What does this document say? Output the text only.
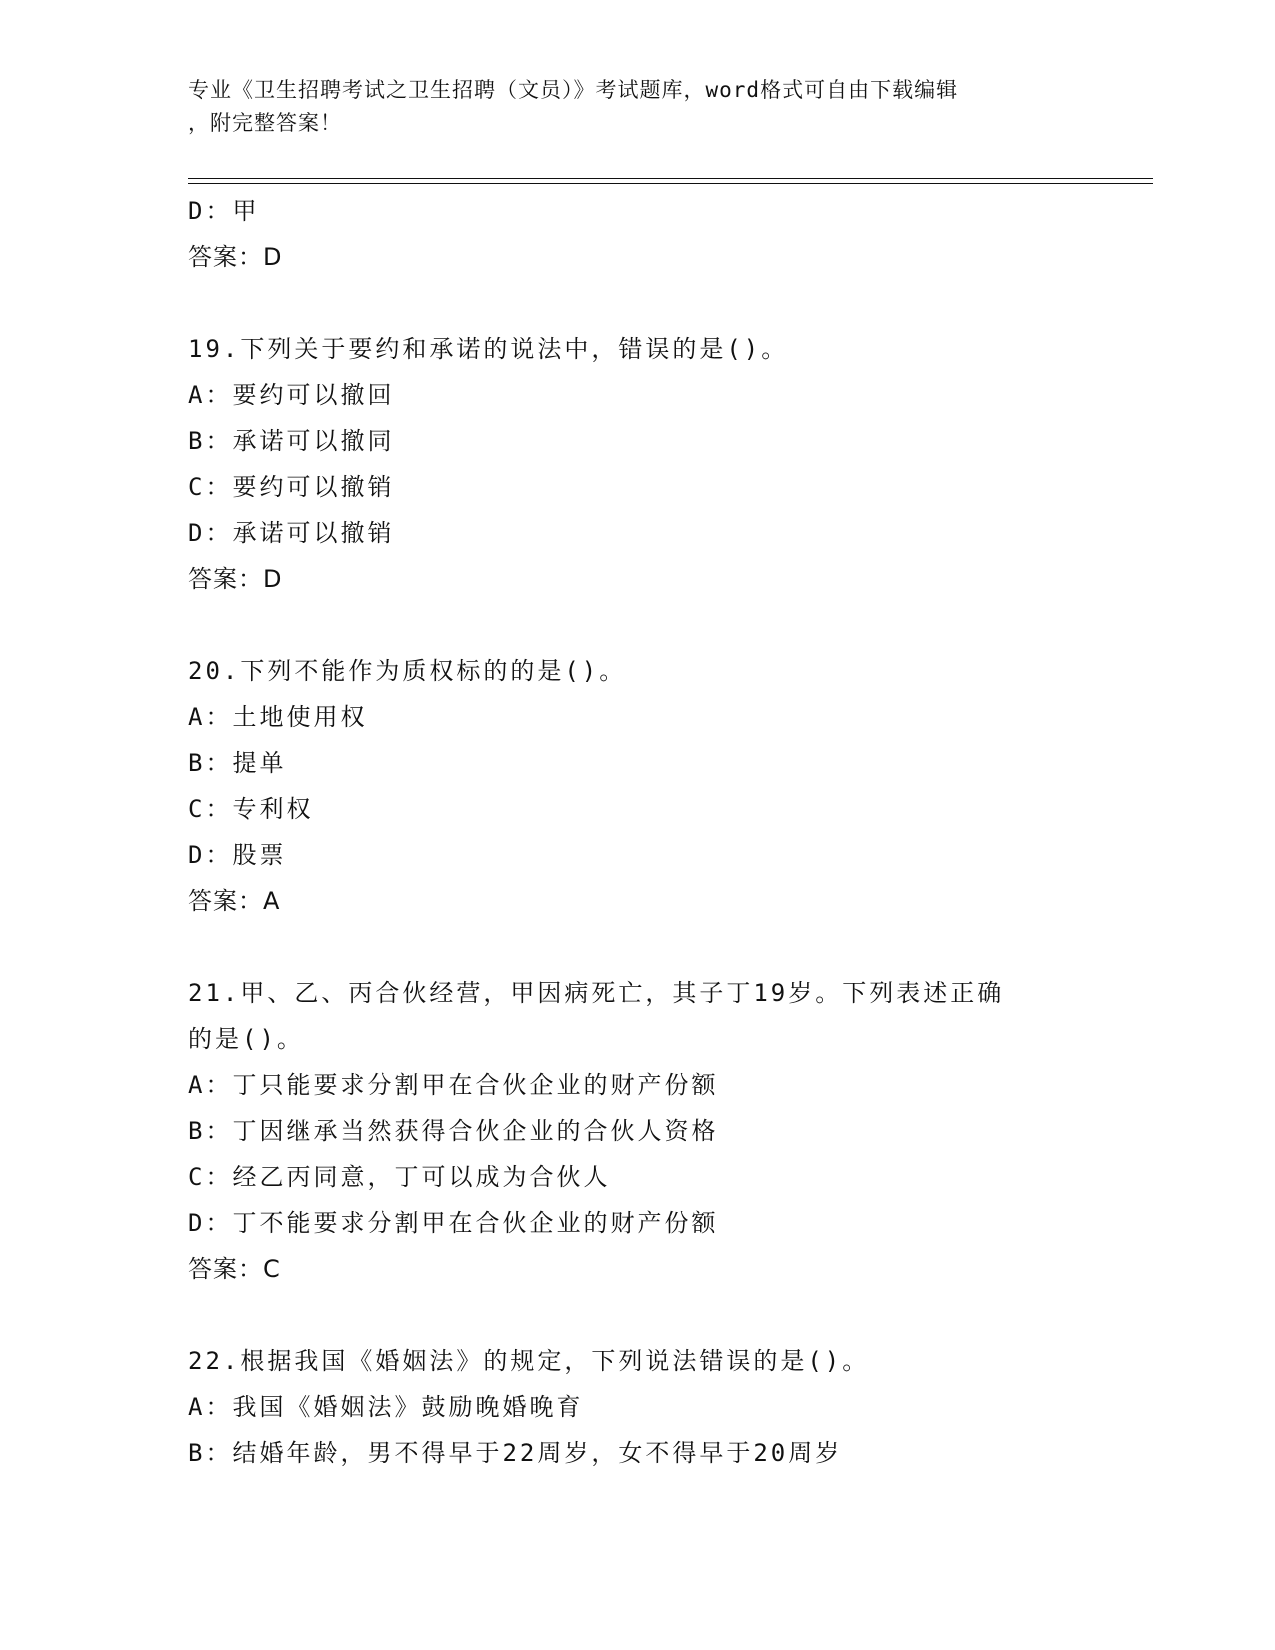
专业《卫生招聘考试之卫生招聘（文员）》考试题库，word格式可自由下载编辑
，附完整答案！
D：甲
答案：D
19.下列关于要约和承诺的说法中，错误的是()。
A：要约可以撤回
B：承诺可以撤同
C：要约可以撤销
D：承诺可以撤销
答案：D
20.下列不能作为质权标的的是()。
A：土地使用权
B：提单
C：专利权
D：股票
答案：A
21.甲、乙、丙合伙经营，甲因病死亡，其子丁19岁。下列表述正确
的是()。
A：丁只能要求分割甲在合伙企业的财产份额
B：丁因继承当然获得合伙企业的合伙人资格
C：经乙丙同意，丁可以成为合伙人
D：丁不能要求分割甲在合伙企业的财产份额
答案：C
22.根据我国《婚姻法》的规定，下列说法错误的是()。
A：我国《婚姻法》鼓励晚婚晚育
B：结婚年龄，男不得早于22周岁，女不得早于20周岁
